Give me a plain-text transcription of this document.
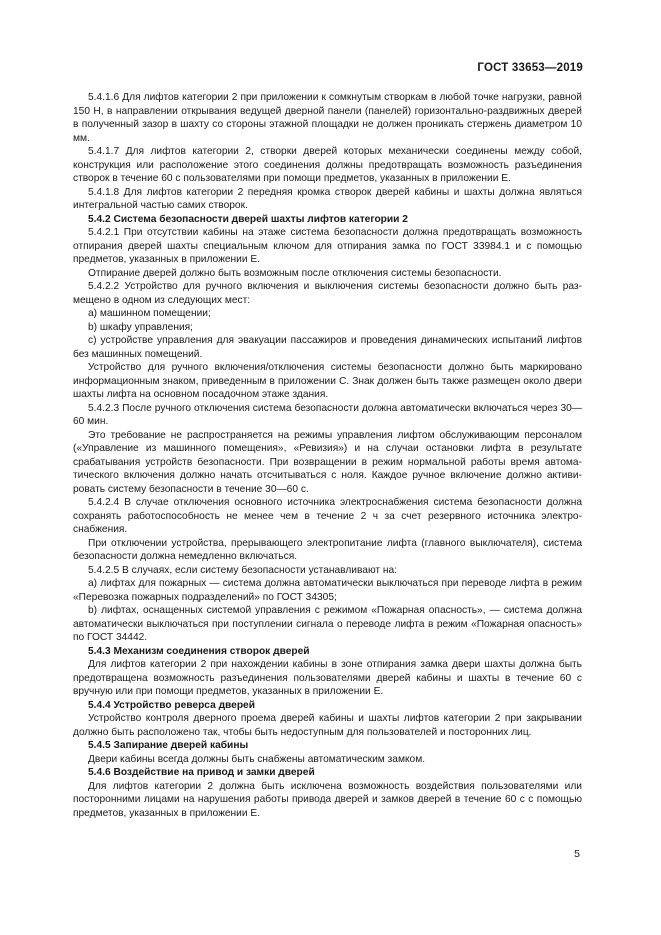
ГОСТ 33653—2019

5.4.1.6 Для лифтов категории 2 при приложении к сомкнутым створкам в любой точке нагрузки, равной 150 Н, в направлении открывания ведущей дверной панели (панелей) горизонтально-раздвижных дверей в полученный зазор в шахту со стороны этажной площадки не должен проникать стержень диаметром 10 мм.

5.4.1.7 Для лифтов категории 2, створки дверей которых механически соединены между собой, конструкция или расположение этого соединения должны предотвращать возможность разъединения створок в течение 60 с пользователями при помощи предметов, указанных в приложении Е.

5.4.1.8 Для лифтов категории 2 передняя кромка створок дверей кабины и шахты должна являться интегральной частью самих створок.

5.4.2 Система безопасности дверей шахты лифтов категории 2

5.4.2.1 При отсутствии кабины на этаже система безопасности должна предотвращать возможность отпирания дверей шахты специальным ключом для отпирания замка по ГОСТ 33984.1 и с помощью предметов, указанных в приложении Е.

Отпирание дверей должно быть возможным после отключения системы безопасности.

5.4.2.2 Устройство для ручного включения и выключения системы безопасности должно быть размещено в одном из следующих мест:

a) машинном помещении;

b) шкафу управления;

c) устройстве управления для эвакуации пассажиров и проведения динамических испытаний лифтов без машинных помещений.

Устройство для ручного включения/отключения системы безопасности должно быть маркировано информационным знаком, приведенным в приложении С. Знак должен быть также размещен около двери шахты лифта на основном посадочном этаже здания.

5.4.2.3 После ручного отключения система безопасности должна автоматически включаться через 30—60 мин.

Это требование не распространяется на режимы управления лифтом обслуживающим персоналом («Управление из машинного помещения», «Ревизия») и на случаи остановки лифта в результате срабатывания устройств безопасности. При возвращении в режим нормальной работы время автоматического включения должно начать отсчитываться с ноля. Каждое ручное включение должно активировать систему безопасности в течение 30—60 с.

5.4.2.4 В случае отключения основного источника электроснабжения система безопасности должна сохранять работоспособность не менее чем в течение 2 ч за счет резервного источника электроснабжения.

При отключении устройства, прерывающего электропитание лифта (главного выключателя), система безопасности должна немедленно включаться.

5.4.2.5 В случаях, если систему безопасности устанавливают на:

a) лифтах для пожарных — система должна автоматически выключаться при переводе лифта в режим «Перевозка пожарных подразделений» по ГОСТ 34305;

b) лифтах, оснащенных системой управления с режимом «Пожарная опасность», — система должна автоматически выключаться при поступлении сигнала о переводе лифта в режим «Пожарная опасность» по ГОСТ 34442.

5.4.3 Механизм соединения створок дверей

Для лифтов категории 2 при нахождении кабины в зоне отпирания замка двери шахты должна быть предотвращена возможность разъединения пользователями дверей кабины и шахты в течение 60 с вручную или при помощи предметов, указанных в приложении Е.

5.4.4 Устройство реверса дверей

Устройство контроля дверного проема дверей кабины и шахты лифтов категории 2 при закрывании должно быть расположено так, чтобы быть недоступным для пользователей и посторонних лиц.

5.4.5 Запирание дверей кабины

Двери кабины всегда должны быть снабжены автоматическим замком.

5.4.6 Воздействие на привод и замки дверей

Для лифтов категории 2 должна быть исключена возможность воздействия пользователями или посторонними лицами на нарушения работы привода дверей и замков дверей в течение 60 с с помощью предметов, указанных в приложении Е.

5
